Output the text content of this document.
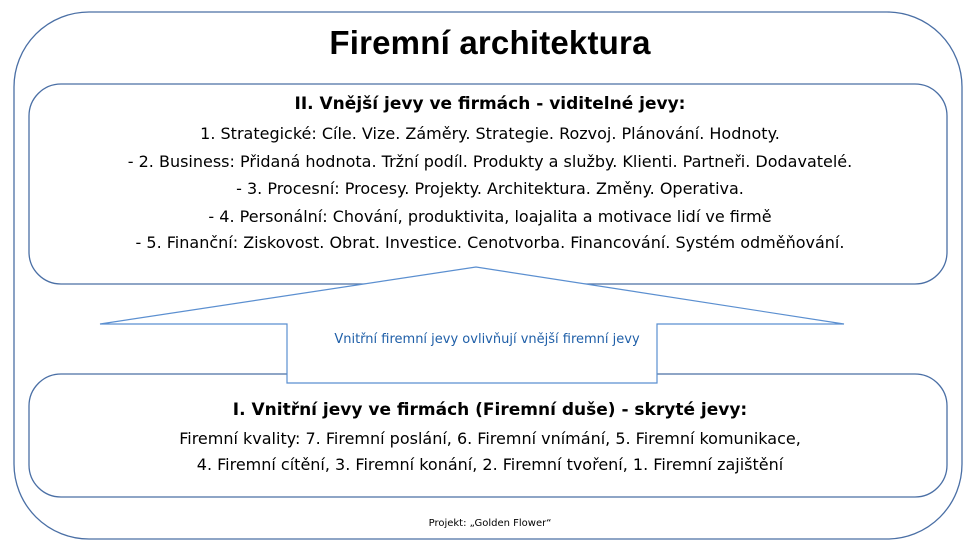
Firemní architektura
II. Vnější jevy ve firmách - viditelné jevy:
1. Strategické: Cíle. Vize. Záměry. Strategie. Rozvoj. Plánování. Hodnoty.
- 2. Business: Přidaná hodnota. Tržní podíl. Produkty a služby. Klienti. Partneři. Dodavatelé.
- 3. Procesní: Procesy. Projekty. Architektura. Změny. Operativa.
- 4. Personální: Chování, produktivita, loajalita a motivace lidí ve firmě
- 5. Finanční: Ziskovost. Obrat. Investice. Cenotvorba. Financování. Systém odměňování.
Vnitřní firemní jevy ovlivňují vnější firemní jevy
I. Vnitřní jevy ve firmách (Firemní duše) - skryté jevy:
Firemní kvality: 7. Firemní poslání, 6. Firemní vnímání, 5. Firemní komunikace,
4. Firemní cítění, 3. Firemní konání, 2. Firemní tvoření, 1. Firemní zajištění
Projekt: „Golden Flower“
